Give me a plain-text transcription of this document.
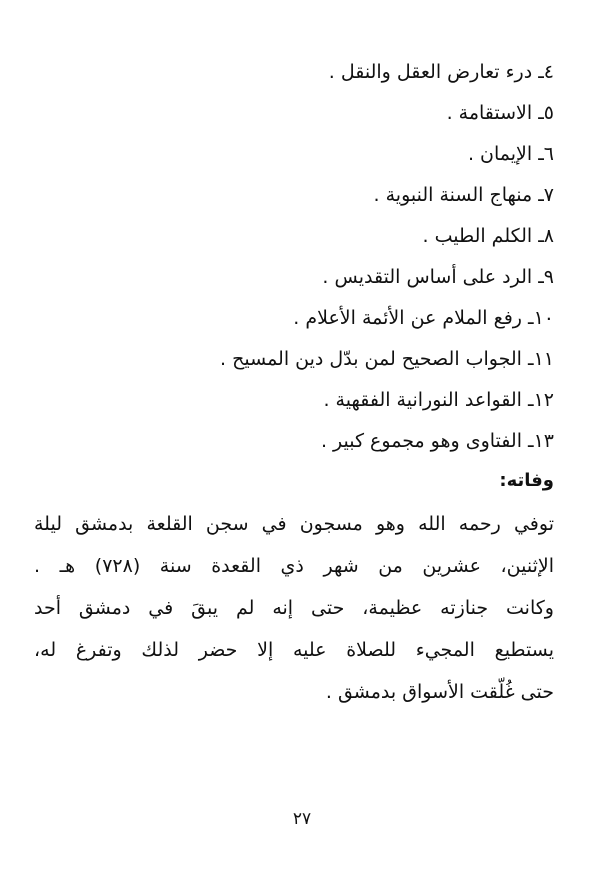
٤ـ درء تعارض العقل والنقل .
٥ـ الاستقامة .
٦ـ الإيمان .
٧ـ منهاج السنة النبوية .
٨ـ الكلم الطيب .
٩ـ الرد على أساس التقديس .
١٠ـ رفع الملام عن الأئمة الأعلام .
١١ـ الجواب الصحيح لمن بدّل دين المسيح .
١٢ـ القواعد النورانية الفقهية .
١٣ـ الفتاوى وهو مجموع كبير .
وفاته:
توفي رحمه الله وهو مسجون في سجن القلعة بدمشق ليلة
الإثنين، عشرين من شهر ذي القعدة سنة (٧٢٨) هـ .
وكانت جنازته عظيمة، حتى إنه لم يبقَ في دمشق أحد
يستطيع المجيء للصلاة عليه إلا حضر لذلك وتفرغ له،
حتى غُلّقت الأسواق بدمشق .
٢٧
